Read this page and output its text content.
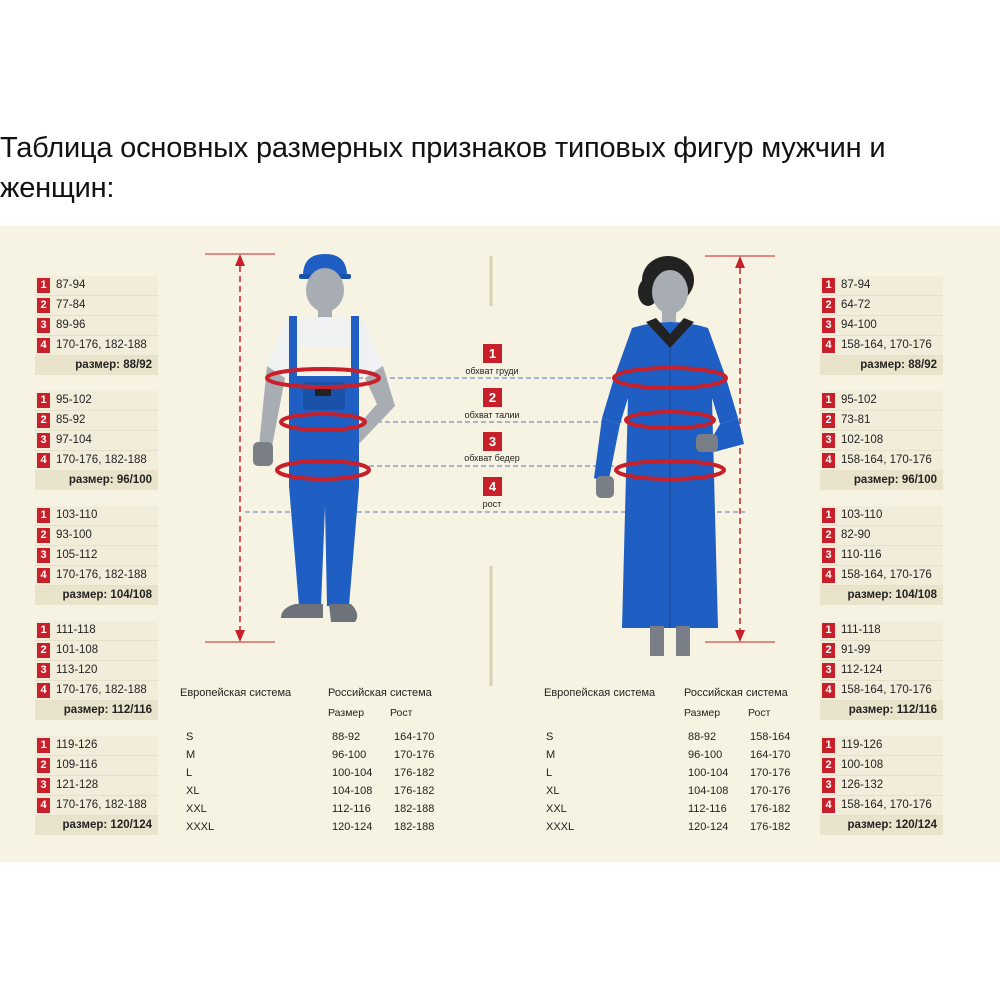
Таблица основных размерных признаков типовых фигур мужчин и женщин:
1
обхват груди
2
обхват талии
3
обхват бедер
4
рост
1 87-94
2 77-84
3 89-96
4 170-176, 182-188
размер: 88/92
1 95-102
2 85-92
3 97-104
4 170-176, 182-188
размер: 96/100
1 103-110
2 93-100
3 105-112
4 170-176, 182-188
размер: 104/108
1 111-118
2 101-108
3 113-120
4 170-176, 182-188
размер: 112/116
1 119-126
2 109-116
3 121-128
4 170-176, 182-188
размер: 120/124
1 87-94
2 64-72
3 94-100
4 158-164, 170-176
размер: 88/92
1 95-102
2 73-81
3 102-108
4 158-164, 170-176
размер: 96/100
1 103-110
2 82-90
3 110-116
4 158-164, 170-176
размер: 104/108
1 111-118
2 91-99
3 112-124
4 158-164, 170-176
размер: 112/116
1 119-126
2 100-108
3 126-132
4 158-164, 170-176
размер: 120/124
Европейская система	Российская система
Размер Рост
S	88-92	164-170
M	96-100	170-176
L	100-104 176-182
XL	104-108 176-182
XXL	112-116 182-188
XXXL	120-124 182-188
Европейская система	Российская система
Размер	Рост
S	88-92	158-164
M	96-100	164-170
L	100-104 170-176
XL	104-108 170-176
XXL	112-116 176-182
XXXL	120-124 176-182
